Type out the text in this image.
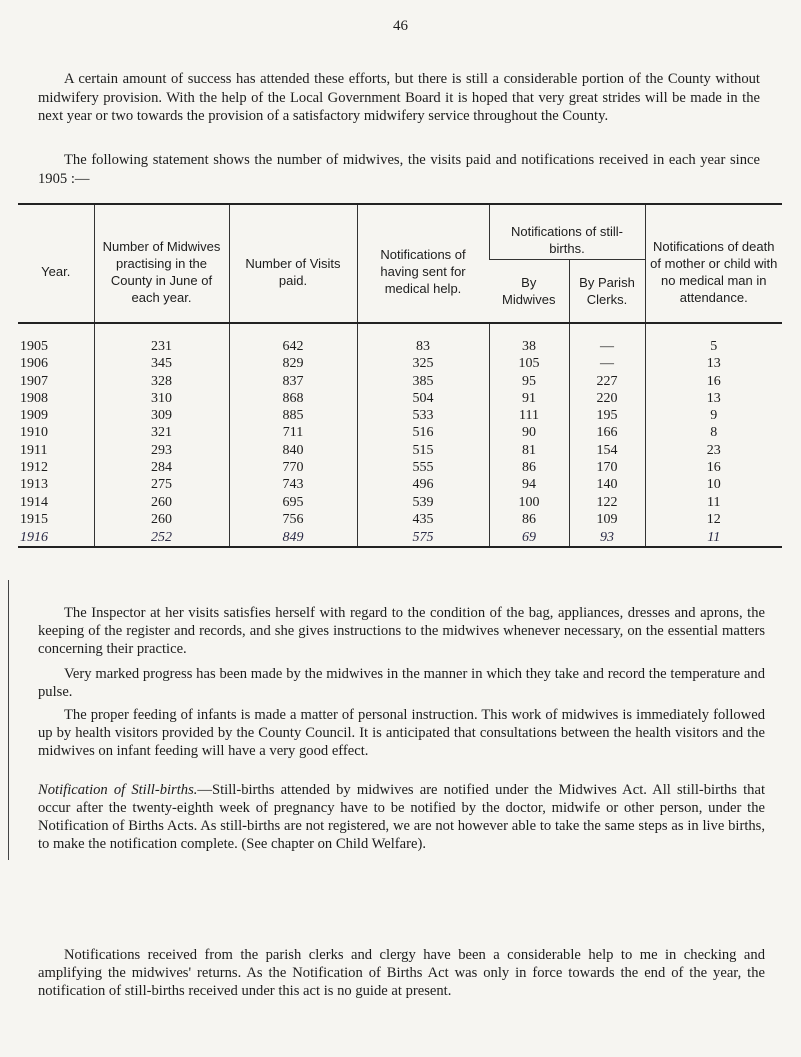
46

A certain amount of success has attended these efforts, but there is still a considerable portion of the County without midwifery provision. With the help of the Local Government Board it is hoped that very great strides will be made in the next year or two towards the provision of a satisfactory midwifery service throughout the County.

The following statement shows the number of midwives, the visits paid and notifications received in each year since 1905 :—

Year.	Number of Midwives practising in the County in June of each year.	Number of Visits paid.	Notifications of having sent for medical help.	Notifications of still-births.		Notifications of death of mother or child with no medical man in attendance.
				By Midwives	By Parish Clerks.	

1905	231	642	83	38	—	5
1906	345	829	325	105	—	13
1907	328	837	385	95	227	16
1908	310	868	504	91	220	13
1909	309	885	533	111	195	9
1910	321	711	516	90	166	8
1911	293	840	515	81	154	23
1912	284	770	555	86	170	16
1913	275	743	496	94	140	10
1914	260	695	539	100	122	11
1915	260	756	435	86	109	12
1916	252	849	575	69	93	11

The Inspector at her visits satisfies herself with regard to the condition of the bag, appliances, dresses and aprons, the keeping of the register and records, and she gives instructions to the midwives whenever necessary, on the essential matters concerning their practice.

Very marked progress has been made by the midwives in the manner in which they take and record the temperature and pulse.

The proper feeding of infants is made a matter of personal instruction. This work of midwives is immediately followed up by health visitors provided by the County Council. It is anticipated that consultations between the health visitors and the midwives on infant feeding will have a very good effect.

Notification of Still-births.—Still-births attended by midwives are notified under the Midwives Act. All still-births that occur after the twenty-eighth week of pregnancy have to be notified by the doctor, midwife or other person, under the Notification of Births Acts. As still-births are not registered, we are not however able to take the same steps as in live births, to make the notification complete. (See chapter on Child Welfare).

Notifications received from the parish clerks and clergy have been a considerable help to me in checking and amplifying the midwives' returns. As the Notification of Births Act was only in force towards the end of the year, the notification of still-births received under this act is no guide at present.
